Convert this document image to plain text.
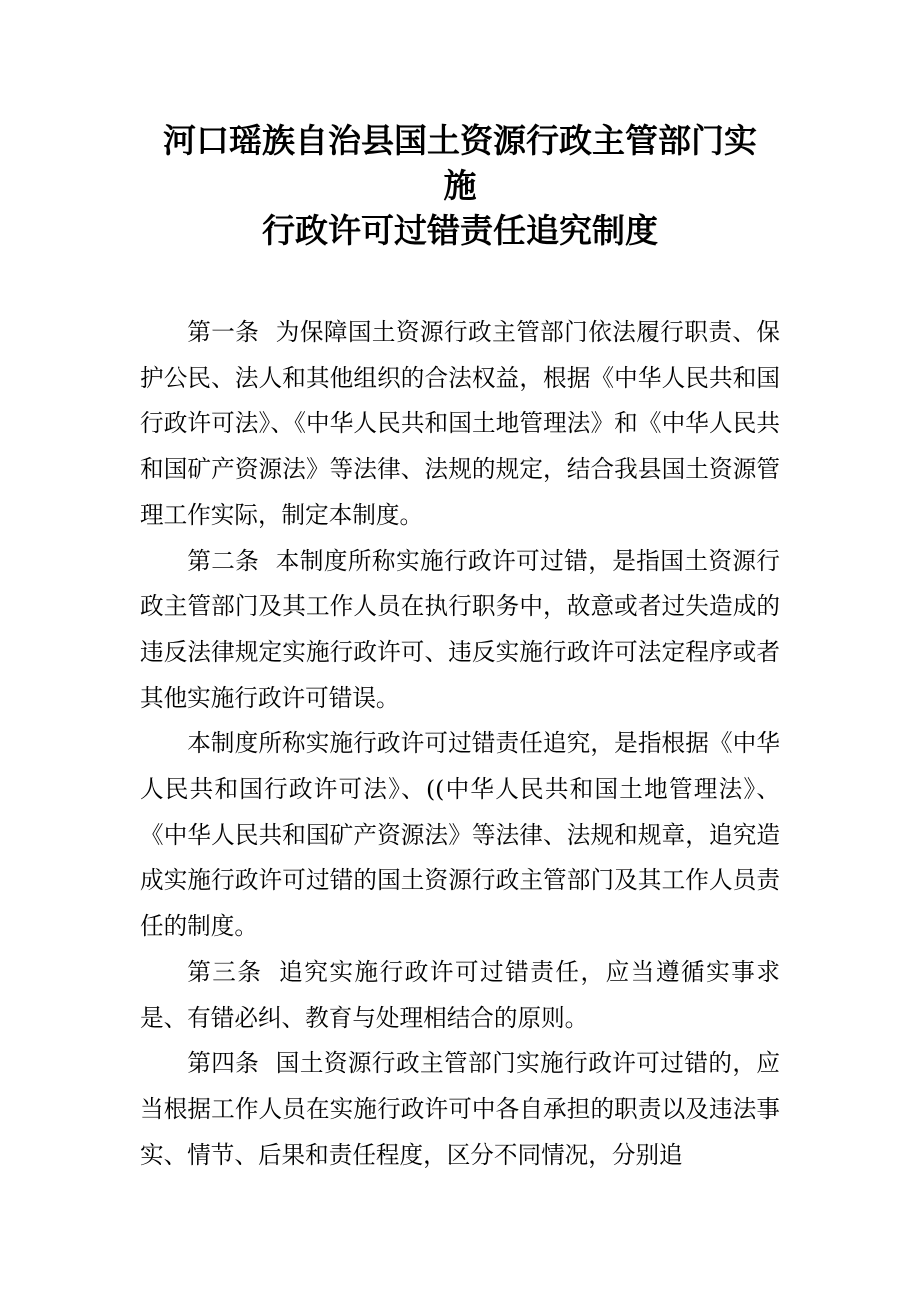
河口瑶族自治县国土资源行政主管部门实
施
行政许可过错责任追究制度

第一条 为保障国土资源行政主管部门依法履行职责、保护公民、法人和其他组织的合法权益，根据《中华人民共和国行政许可法》、《中华人民共和国土地管理法》和《中华人民共和国矿产资源法》等法律、法规的规定，结合我县国土资源管理工作实际，制定本制度。

第二条 本制度所称实施行政许可过错，是指国土资源行政主管部门及其工作人员在执行职务中，故意或者过失造成的违反法律规定实施行政许可、违反实施行政许可法定程序或者其他实施行政许可错误。

本制度所称实施行政许可过错责任追究，是指根据《中华人民共和国行政许可法》、((中华人民共和国土地管理法》、《中华人民共和国矿产资源法》等法律、法规和规章，追究造成实施行政许可过错的国土资源行政主管部门及其工作人员责任的制度。

第三条 追究实施行政许可过错责任，应当遵循实事求是、有错必纠、教育与处理相结合的原则。

第四条 国土资源行政主管部门实施行政许可过错的，应当根据工作人员在实施行政许可中各自承担的职责以及违法事实、情节、后果和责任程度，区分不同情况，分别追
